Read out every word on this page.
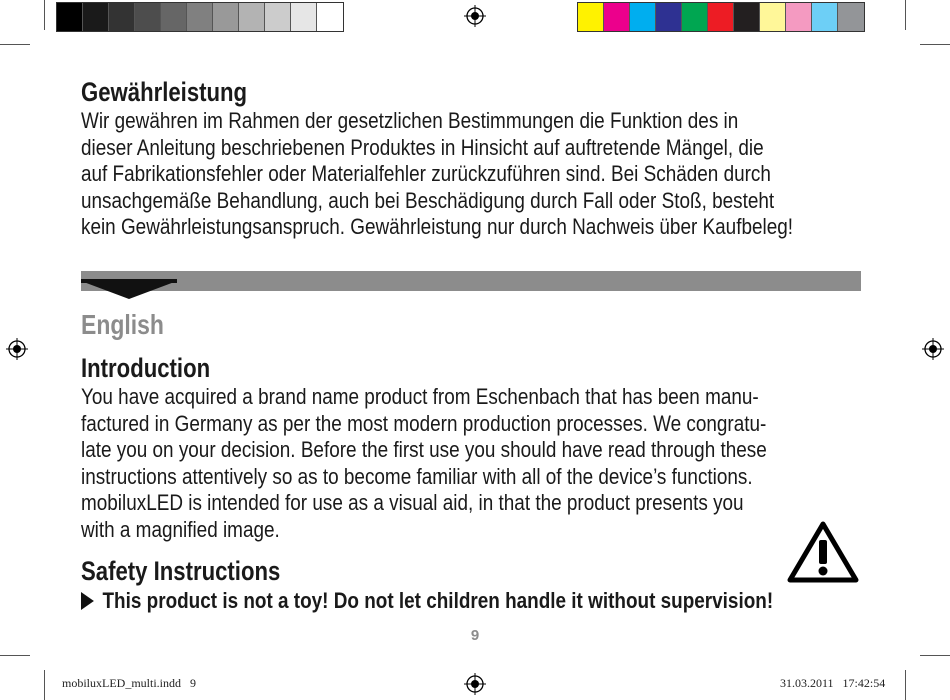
Gewährleistung

Wir gewähren im Rahmen der gesetzlichen Bestimmungen die Funktion des in
dieser Anleitung beschriebenen Produktes in Hinsicht auf auftretende Mängel, die
auf Fabrikationsfehler oder Materialfehler zurückzuführen sind. Bei Schäden durch
unsachgemäße Behandlung, auch bei Beschädigung durch Fall oder Stoß, besteht
kein Gewährleistungsanspruch. Gewährleistung nur durch Nachweis über Kaufbeleg!

English
Introduction

You have acquired a brand name product from Eschenbach that has been manu-
factured in Germany as per the most modern production processes. We congratu-
late you on your decision. Before the first use you should have read through these
instructions attentively so as to become familiar with all of the device’s functions.
mobiluxLED is intended for use as a visual aid, in that the product presents you
with a magnified image.

Safety Instructions

This product is not a toy! Do not let children handle it without supervision!

9
mobiluxLED_multi.indd   9	31.03.2011   17:42:54
